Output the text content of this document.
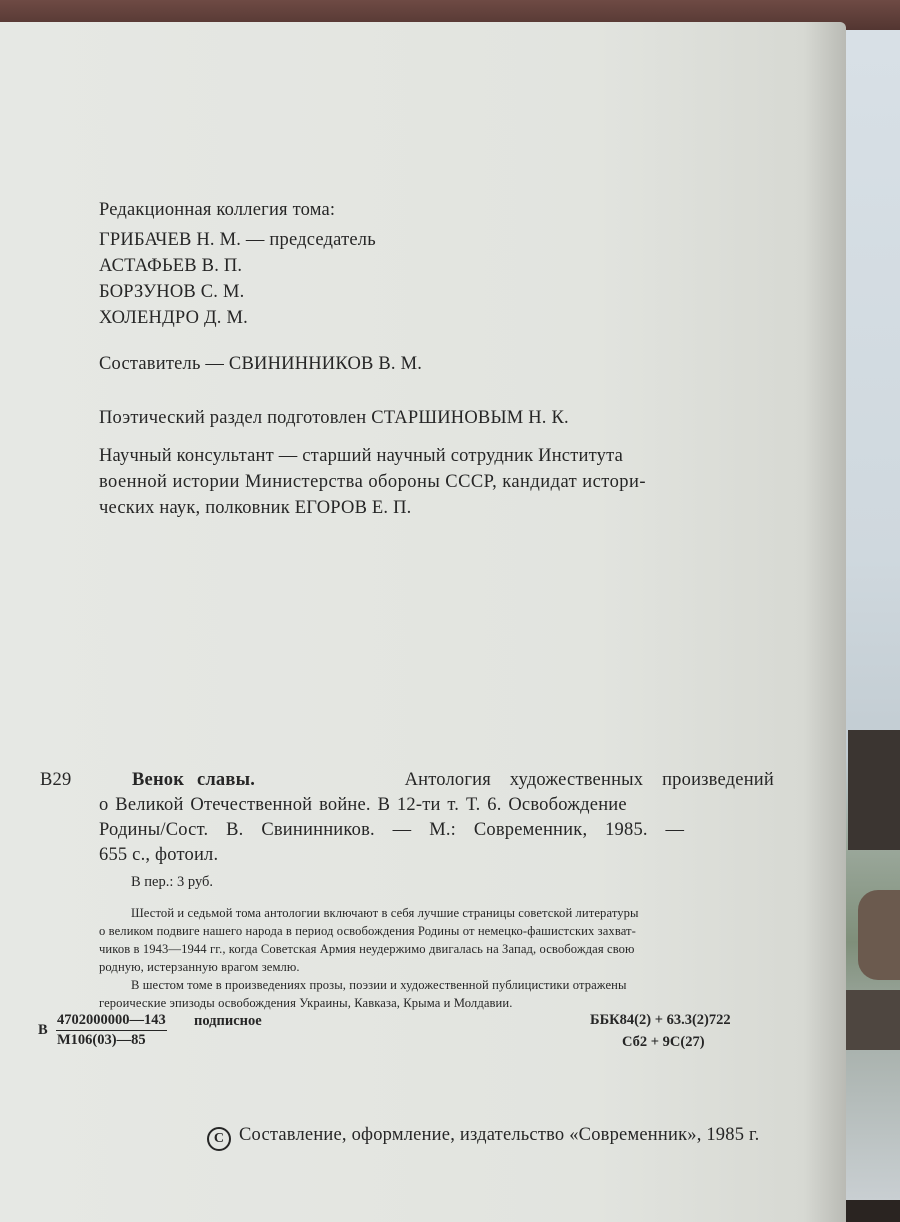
Редакционная коллегия тома:
ГРИБАЧЕВ Н. М. — председатель
АСТАФЬЕВ В. П.
БОРЗУНОВ С. М.
ХОЛЕНДРО Д. М.
Составитель — СВИНИННИКОВ В. М.
Поэтический раздел подготовлен СТАРШИНОВЫМ Н. К.
Научный консультант — старший научный сотрудник Института
военной истории Министерства обороны СССР, кандидат истори-
ческих наук, полковник ЕГОРОВ Е. П.
В29	Венок славы.	Антология художественных произведений
о Великой Отечественной войне. В 12-ти т. Т. 6. Освобождение
Родины/Сост. В. Свининников. — М.: Современник, 1985. —
655 с., фотоил.
В пер.: 3 руб.
Шестой и седьмой тома антологии включают в себя лучшие страницы советской литературы
о великом подвиге нашего народа в период освобождения Родины от немецко-фашистских захват-
чиков в 1943—1944 гг., когда Советская Армия неудержимо двигалась на Запад, освобождая свою
родную, истерзанную врагом землю.
В шестом томе в произведениях прозы, поэзии и художественной публицистики отражены
героические эпизоды освобождения Украины, Кавказа, Крыма и Молдавии.
В
4702000000—143
М106(03)—85
подписное	ББК84(2) + 63.3(2)722
Сб2 + 9С(27)
С Составление, оформление, издательство «Современник», 1985 г.
